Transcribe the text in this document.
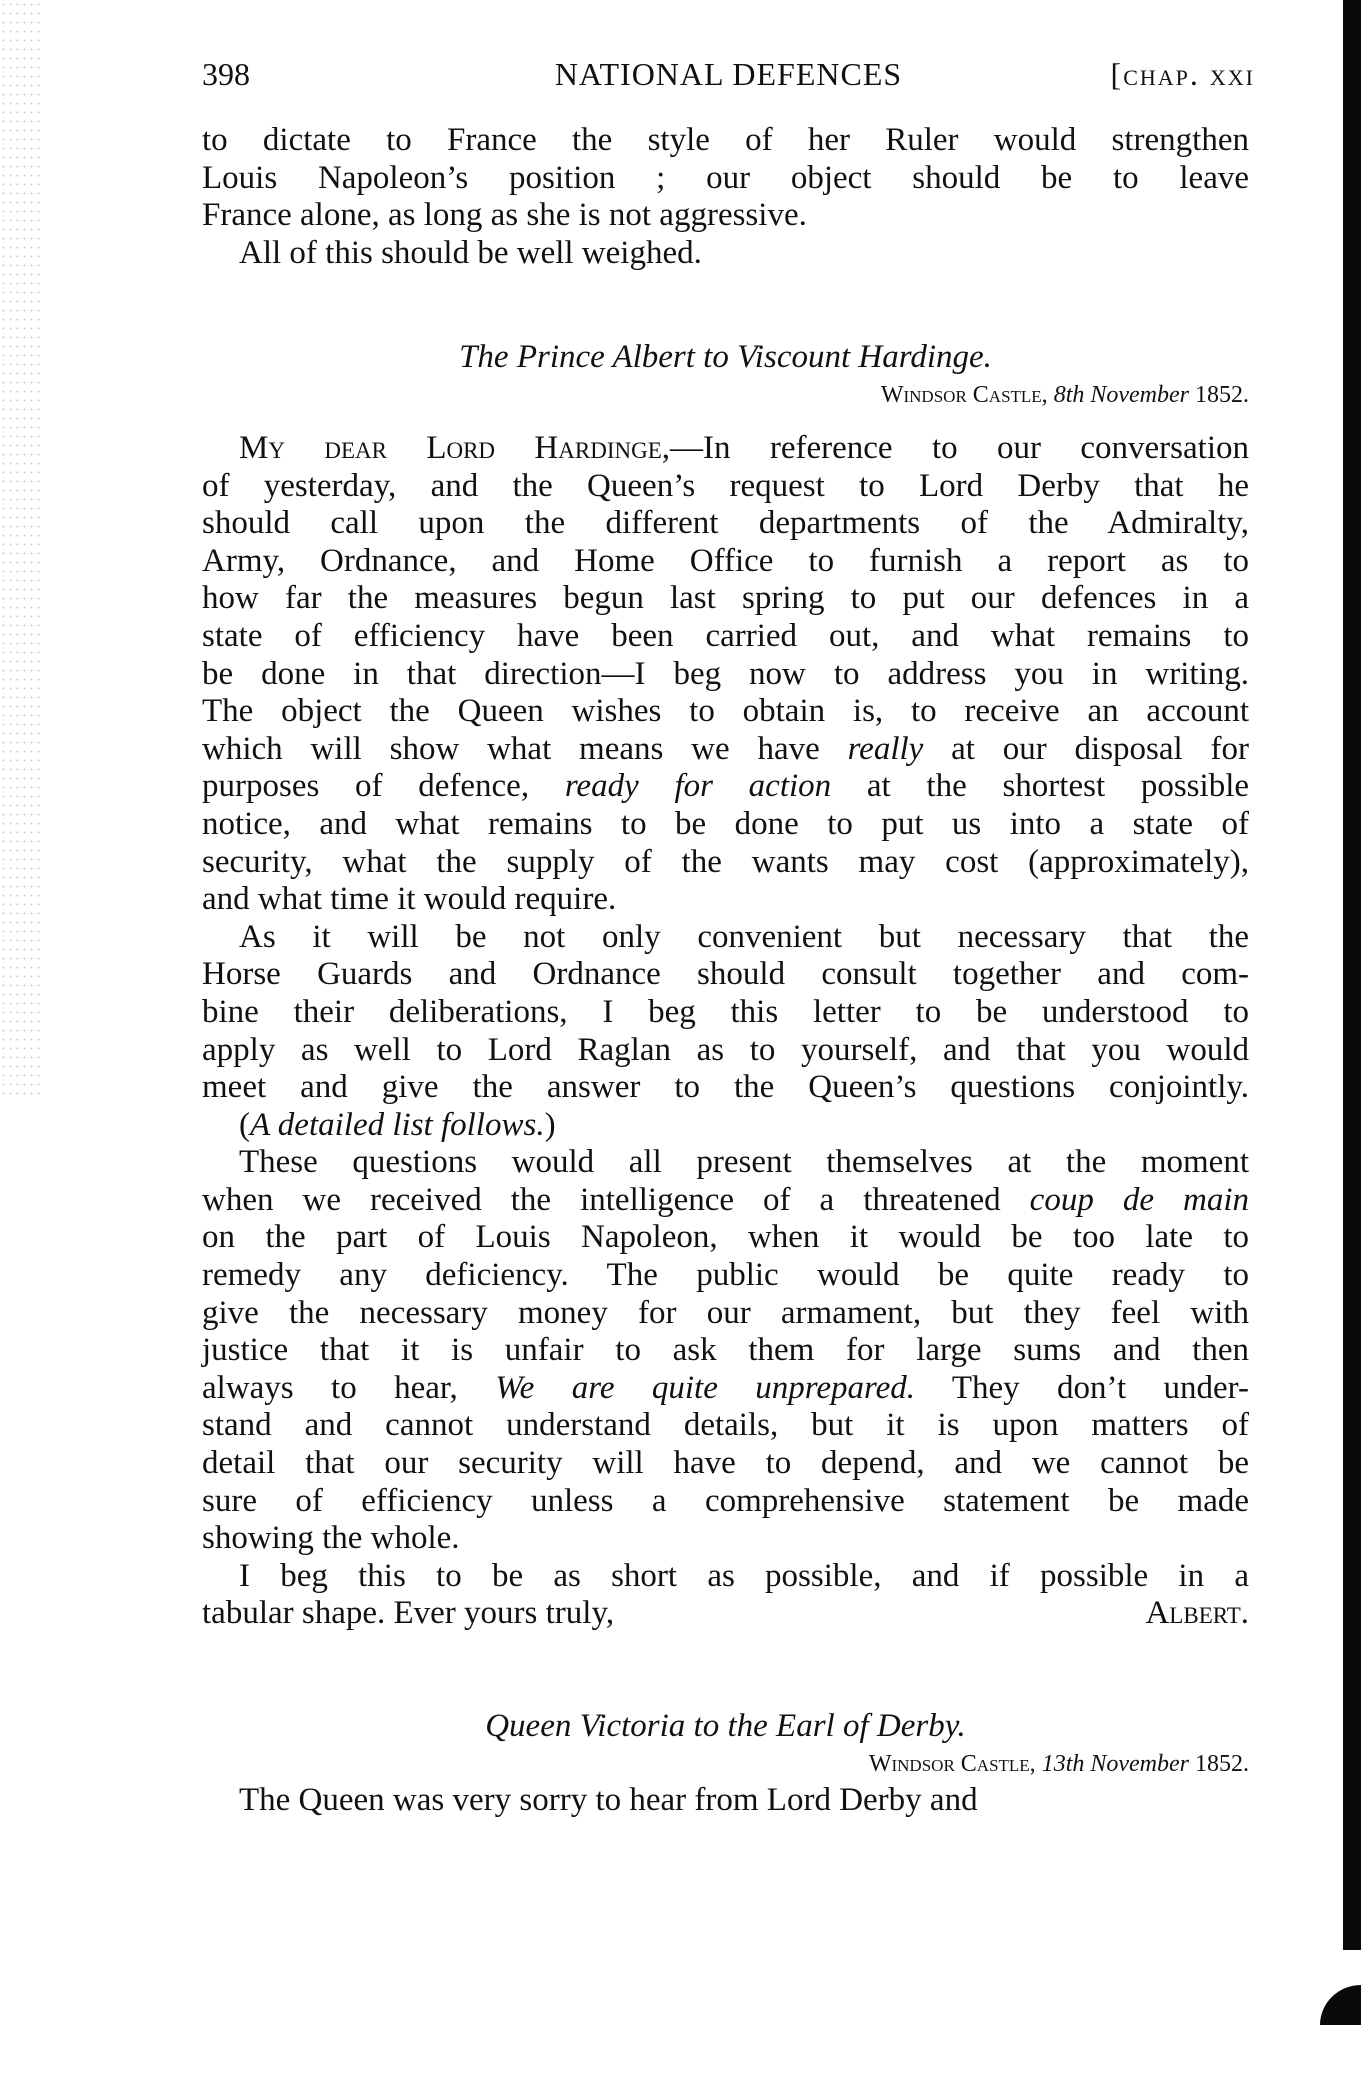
398	NATIONAL DEFENCES	[chap. xxi
to dictate to France the style of her Ruler would strengthen
Louis Napoleon’s position ; our object should be to leave
France alone, as long as she is not aggressive.
All of this should be well weighed.
The Prince Albert to Viscount Hardinge.
Windsor Castle, 8th November 1852.
My dear Lord Hardinge,—In reference to our conversation
of yesterday, and the Queen’s request to Lord Derby that he
should call upon the different departments of the Admiralty,
Army, Ordnance, and Home Office to furnish a report as to
how far the measures begun last spring to put our defences in a
state of efficiency have been carried out, and what remains to
be done in that direction—I beg now to address you in writing.
The object the Queen wishes to obtain is, to receive an account
which will show what means we have really at our disposal for
purposes of defence, ready for action at the shortest possible
notice, and what remains to be done to put us into a state of
security, what the supply of the wants may cost (approximately),
and what time it would require.
As it will be not only convenient but necessary that the
Horse Guards and Ordnance should consult together and com-
bine their deliberations, I beg this letter to be understood to
apply as well to Lord Raglan as to yourself, and that you would
meet and give the answer to the Queen’s questions conjointly.
(A detailed list follows.)
These questions would all present themselves at the moment
when we received the intelligence of a threatened coup de main
on the part of Louis Napoleon, when it would be too late to
remedy any deficiency. The public would be quite ready to
give the necessary money for our armament, but they feel with
justice that it is unfair to ask them for large sums and then
always to hear, We are quite unprepared. They don’t under-
stand and cannot understand details, but it is upon matters of
detail that our security will have to depend, and we cannot be
sure of efficiency unless a comprehensive statement be made
showing the whole.
I beg this to be as short as possible, and if possible in a
tabular shape. Ever yours truly,	Albert.
Queen Victoria to the Earl of Derby.
Windsor Castle, 13th November 1852.
The Queen was very sorry to hear from Lord Derby and
